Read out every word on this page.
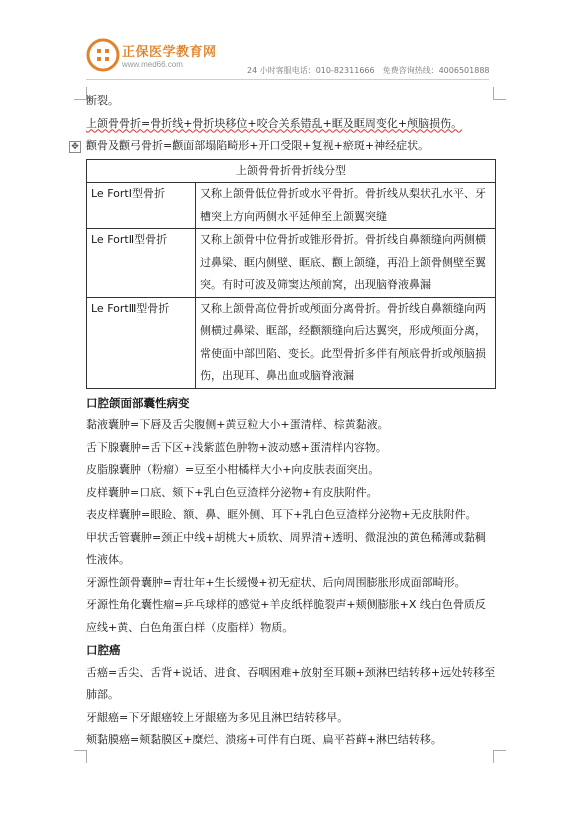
正保医学教育网
www.med66.com
24 小时客服电话：010-82311666　免费咨询热线：4006501888
✥
断裂。
上颌骨骨折=骨折线+骨折块移位+咬合关系错乱+眶及眶周变化+颅脑损伤。
颧骨及颧弓骨折=颧面部塌陷畸形+开口受限+复视+瘀斑+神经症状。
上颌骨骨折骨折线分型	
Le FortⅠ型骨折	又称上颌骨低位骨折或水平骨折。骨折线从梨状孔水平、牙槽突上方向两侧水平延伸至上颌翼突缝
Le FortⅡ型骨折	又称上颌骨中位骨折或锥形骨折。骨折线自鼻额缝向两侧横过鼻梁、眶内侧壁、眶底、颧上颌缝，再沿上颌骨侧壁至翼突。有时可波及筛窦达颅前窝，出现脑脊液鼻漏
Le FortⅢ型骨折	又称上颌骨高位骨折或颅面分离骨折。骨折线自鼻额缝向两侧横过鼻梁、眶部，经颧额缝向后达翼突，形成颅面分离，常使面中部凹陷、变长。此型骨折多伴有颅底骨折或颅脑损伤，出现耳、鼻出血或脑脊液漏
口腔颌面部囊性病变
黏液囊肿=下唇及舌尖腹侧+黄豆粒大小+蛋清样、棕黄黏液。
舌下腺囊肿=舌下区+浅紫蓝色肿物+波动感+蛋清样内容物。
皮脂腺囊肿（粉瘤）=豆至小柑橘样大小+向皮肤表面突出。
皮样囊肿=口底、颏下+乳白色豆渣样分泌物+有皮肤附件。
表皮样囊肿=眼睑、额、鼻、眶外侧、耳下+乳白色豆渣样分泌物+无皮肤附件。
甲状舌管囊肿=颈正中线+胡桃大+质软、周界清+透明、微混浊的黄色稀薄或黏稠性液体。
牙源性颌骨囊肿=青壮年+生长缓慢+初无症状、后向周围膨胀形成面部畸形。
牙源性角化囊性瘤=乒乓球样的感觉+羊皮纸样脆裂声+颊侧膨胀+X 线白色骨质反应线+黄、白色角蛋白样（皮脂样）物质。
口腔癌
舌癌=舌尖、舌背+说话、进食、吞咽困难+放射至耳颞+颈淋巴结转移+远处转移至肺部。
牙龈癌=下牙龈癌较上牙龈癌为多见且淋巴结转移早。
颊黏膜癌=颊黏膜区+糜烂、溃疡+可伴有白斑、扁平苔藓+淋巴结转移。
